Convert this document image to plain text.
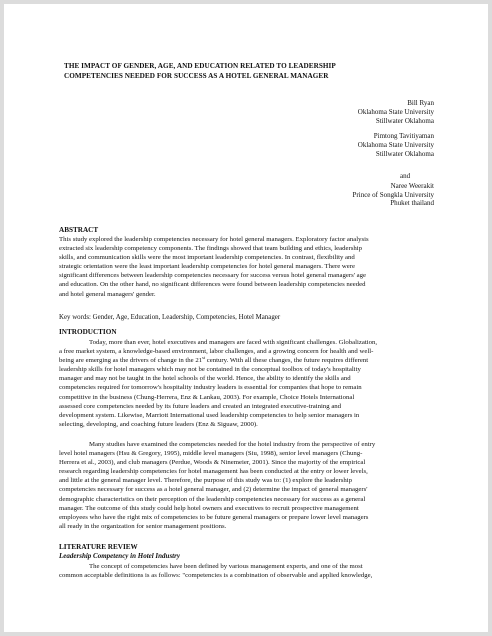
THE IMPACT OF GENDER, AGE, AND EDUCATION RELATED TO LEADERSHIP
COMPETENCIES NEEDED FOR SUCCESS AS A HOTEL GENERAL MANAGER
Bill Ryan
Oklahoma State University
Stillwater Oklahoma
Pimtong Tavitiyaman
Oklahoma State University
Stillwater Oklahoma
Naree Weerakit
Prince of Songkla University
Phuket thailand
and
ABSTRACT
This study explored the leadership competencies necessary for hotel general managers. Exploratory factor analysis
extracted six leadership competency components. The findings showed that team building and ethics, leadership
skills, and communication skills were the most important leadership competencies. In contrast, flexibility and
strategic orientation were the least important leadership competencies for hotel general managers. There were
significant differences between leadership competencies necessary for success versus hotel general managers' age
and education. On the other hand, no significant differences were found between leadership competencies needed
and hotel general managers' gender.
Key words: Gender, Age, Education, Leadership, Competencies, Hotel Manager
INTRODUCTION
Today, more than ever, hotel executives and managers are faced with significant challenges. Globalization,
a free market system, a knowledge-based environment, labor challenges, and a growing concern for health and well-
being are emerging as the drivers of change in the 21st century. With all these changes, the future requires different
leadership skills for hotel managers which may not be contained in the conceptual toolbox of today's hospitality
manager and may not be taught in the hotel schools of the world. Hence, the ability to identify the skills and
competencies required for tomorrow's hospitality industry leaders is essential for companies that hope to remain
competitive in the business (Chung-Herrera, Enz & Lankau, 2003). For example, Choice Hotels International
assessed core competencies needed by its future leaders and created an integrated executive-training and
development system. Likewise, Marriott International used leadership competencies to help senior managers in
selecting, developing, and coaching future leaders (Enz & Siguaw, 2000).
Many studies have examined the competencies needed for the hotel industry from the perspective of entry
level hotel managers (Hsu & Gregory, 1995), middle level managers (Siu, 1998), senior level managers (Chung-
Herrera et al., 2003), and club managers (Perdue, Woods & Ninemeier, 2001). Since the majority of the empirical
research regarding leadership competencies for hotel management has been conducted at the entry or lower levels,
and little at the general manager level. Therefore, the purpose of this study was to: (1) explore the leadership
competencies necessary for success as a hotel general manager, and (2) determine the impact of general managers'
demographic characteristics on their perception of the leadership competencies necessary for success as a general
manager. The outcome of this study could help hotel owners and executives to recruit prospective management
employees who have the right mix of competencies to be future general managers or prepare lower level managers
all ready in the organization for senior management positions.
LITERATURE REVIEW
Leadership Competency in Hotel Industry
The concept of competencies have been defined by various management experts, and one of the most
common acceptable definitions is as follows: "competencies is a combination of observable and applied knowledge,
